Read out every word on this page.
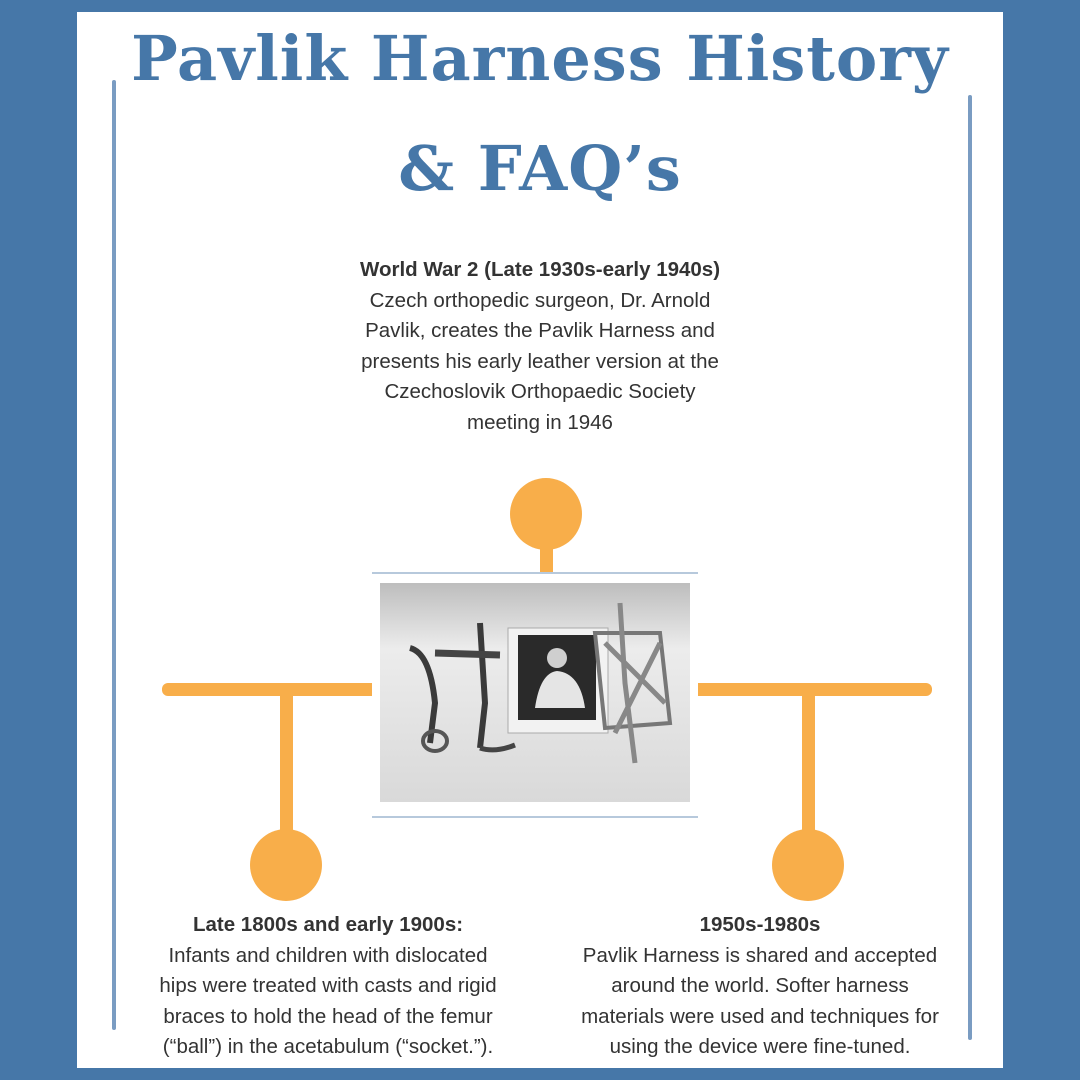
Pavlik Harness History
& FAQ’s
World War 2 (Late 1930s-early 1940s)
Czech orthopedic surgeon, Dr. Arnold
Pavlik, creates the Pavlik Harness and
presents his early leather version at the
Czechoslovik Orthopaedic Society
meeting in 1946
Late 1800s and early 1900s:
Infants and children with dislocated
hips were treated with casts and rigid
braces to hold the head of the femur
(“ball”) in the acetabulum (“socket.”).
1950s-1980s
Pavlik Harness is shared and accepted
around the world. Softer harness
materials were used and techniques for
using the device were fine-tuned.
